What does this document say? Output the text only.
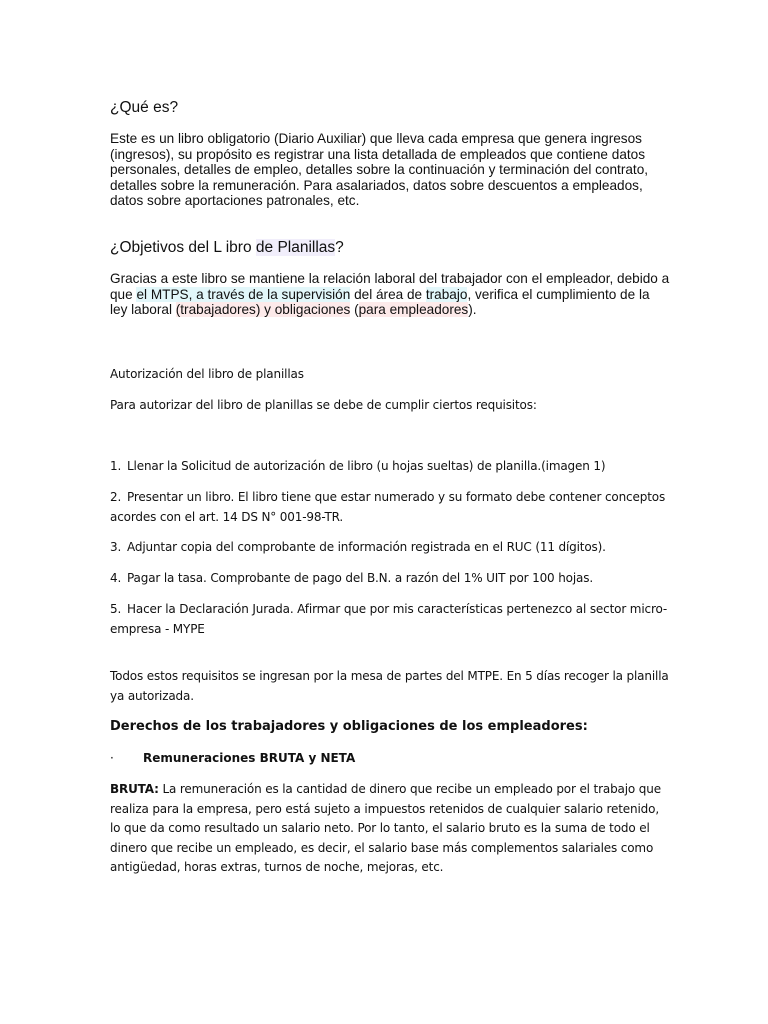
¿Qué es?

Este es un libro obligatorio (Diario Auxiliar) que lleva cada empresa que genera ingresos (ingresos), su propósito es registrar una lista detallada de empleados que contiene datos personales, detalles de empleo, detalles sobre la continuación y terminación del contrato, detalles sobre la remuneración. Para asalariados, datos sobre descuentos a empleados, datos sobre aportaciones patronales, etc.

¿Objetivos del L ibro de Planillas?

Gracias a este libro se mantiene la relación laboral del trabajador con el empleador, debido a que el MTPS, a través de la supervisión del área de trabajo, verifica el cumplimiento de la ley laboral (trabajadores) y obligaciones (para empleadores).

Autorización del libro de planillas

Para autorizar del libro de planillas se debe de cumplir ciertos requisitos:

1. Llenar la Solicitud de autorización de libro (u hojas sueltas) de planilla.(imagen 1)

2. Presentar un libro. El libro tiene que estar numerado y su formato debe contener conceptos acordes con el art. 14 DS N° 001-98-TR.

3. Adjuntar copia del comprobante de información registrada en el RUC (11 dígitos).

4. Pagar la tasa. Comprobante de pago del B.N. a razón del 1% UIT por 100 hojas.

5. Hacer la Declaración Jurada. Afirmar que por mis características pertenezco al sector micro-empresa - MYPE

Todos estos requisitos se ingresan por la mesa de partes del MTPE. En 5 días recoger la planilla ya autorizada.

Derechos de los trabajadores y obligaciones de los empleadores:

· Remuneraciones BRUTA y NETA

BRUTA: La remuneración es la cantidad de dinero que recibe un empleado por el trabajo que realiza para la empresa, pero está sujeto a impuestos retenidos de cualquier salario retenido, lo que da como resultado un salario neto. Por lo tanto, el salario bruto es la suma de todo el dinero que recibe un empleado, es decir, el salario base más complementos salariales como antigüedad, horas extras, turnos de noche, mejoras, etc.
